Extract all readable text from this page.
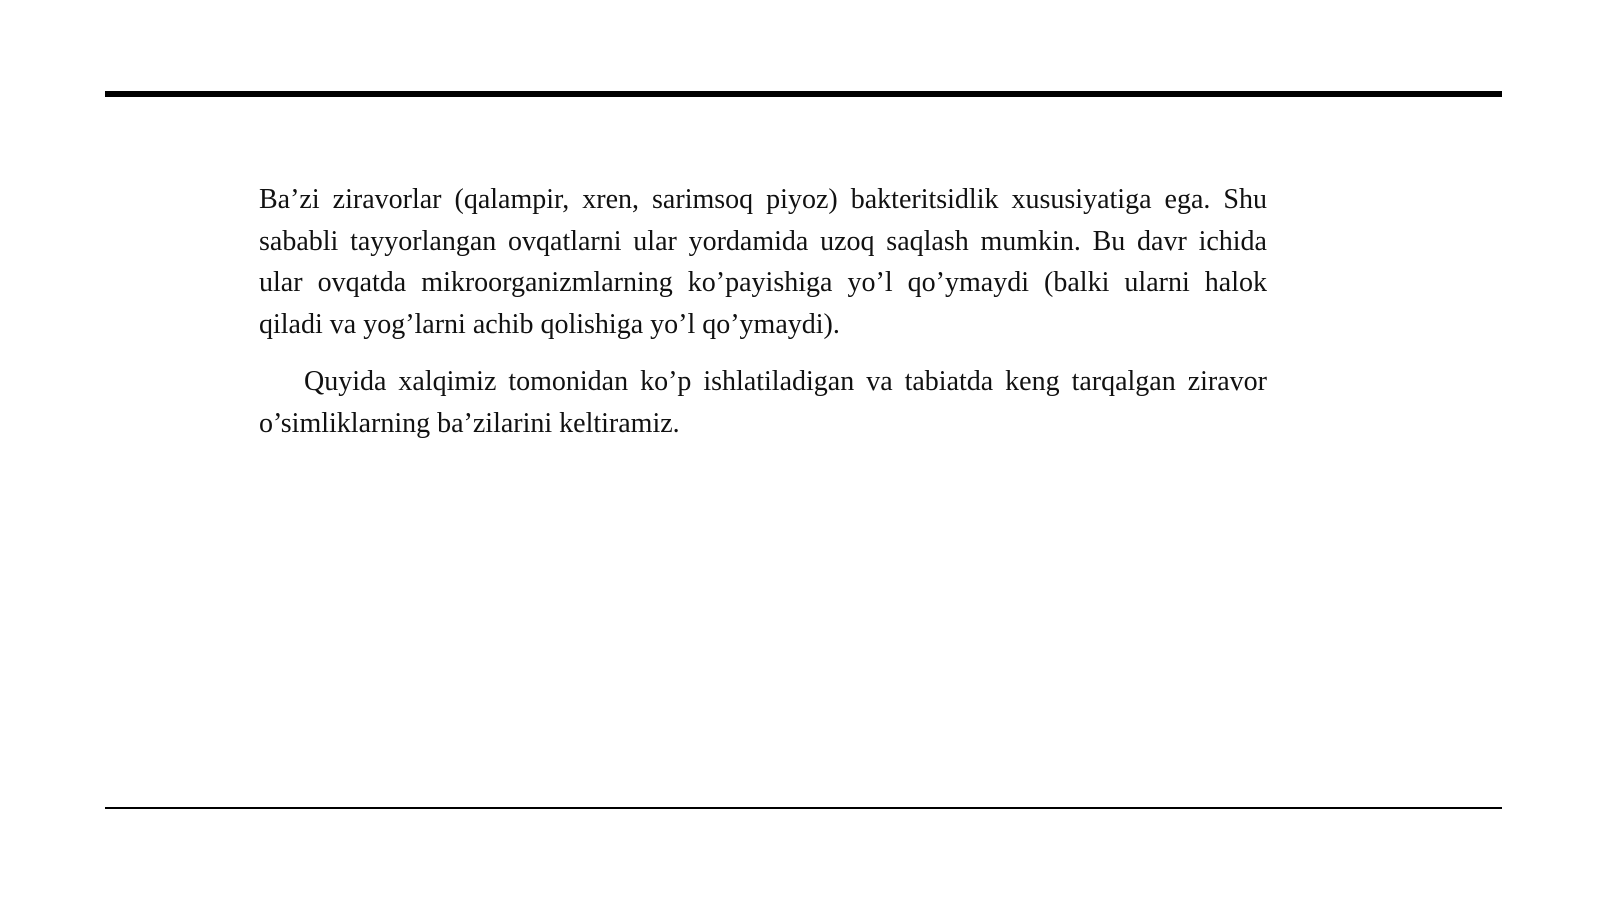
Ba’zi ziravorlar (qalampir, xren, sarimsoq piyoz) bakteritsidlik xususiyatiga ega. Shu sababli tayyorlangan ovqatlarni ular yordamida uzoq saqlash mumkin. Bu davr ichida ular ovqatda mikroorganizmlarning ko’payishiga yo’l qo’ymaydi (balki ularni halok qiladi va yog’larni achib qolishiga yo’l qo’ymaydi).

Quyida xalqimiz tomonidan ko’p ishlatiladigan va tabiatda keng tarqalgan ziravor o’simliklarning ba’zilarini keltiramiz.
